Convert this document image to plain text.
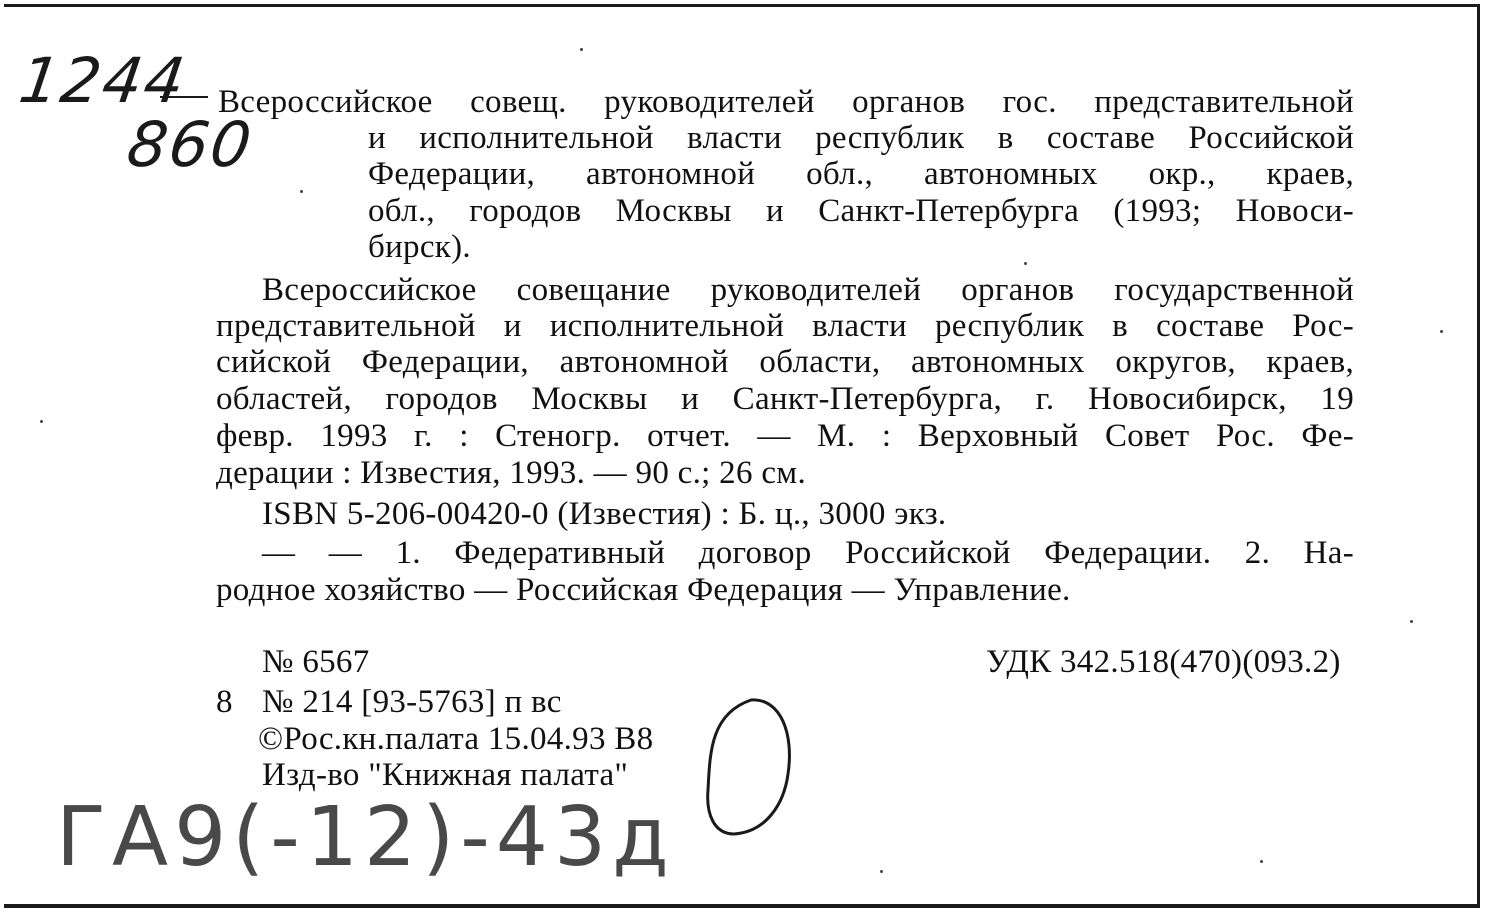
1244
860
Всероссийское совещ. руководителей органов гос. представительной
и исполнительной власти республик в составе Российской
Федерации, автономной обл., автономных окр., краев,
обл., городов Москвы и Санкт-Петербурга (1993; Новоси-
бирск).
Всероссийское совещание руководителей органов государственной
представительной и исполнительной власти республик в составе Рос-
сийской Федерации, автономной области, автономных округов, краев,
областей, городов Москвы и Санкт-Петербурга, г. Новосибирск, 19
февр. 1993 г. : Стеногр. отчет. — М. : Верховный Совет Рос. Фе-
дерации : Известия, 1993. — 90 с.; 26 см.
ISBN 5-206-00420-0 (Известия) : Б. ц., 3000 экз.
— — 1. Федеративный договор Российской Федерации. 2. На-
родное хозяйство — Российская Федерация — Управление.
№ 6567	УДК 342.518(470)(093.2)
8 № 214 [93-5763] п вс
©Рос.кн.палата 15.04.93 В8
Изд-во "Книжная палата"
ГА9(-12)-43д
